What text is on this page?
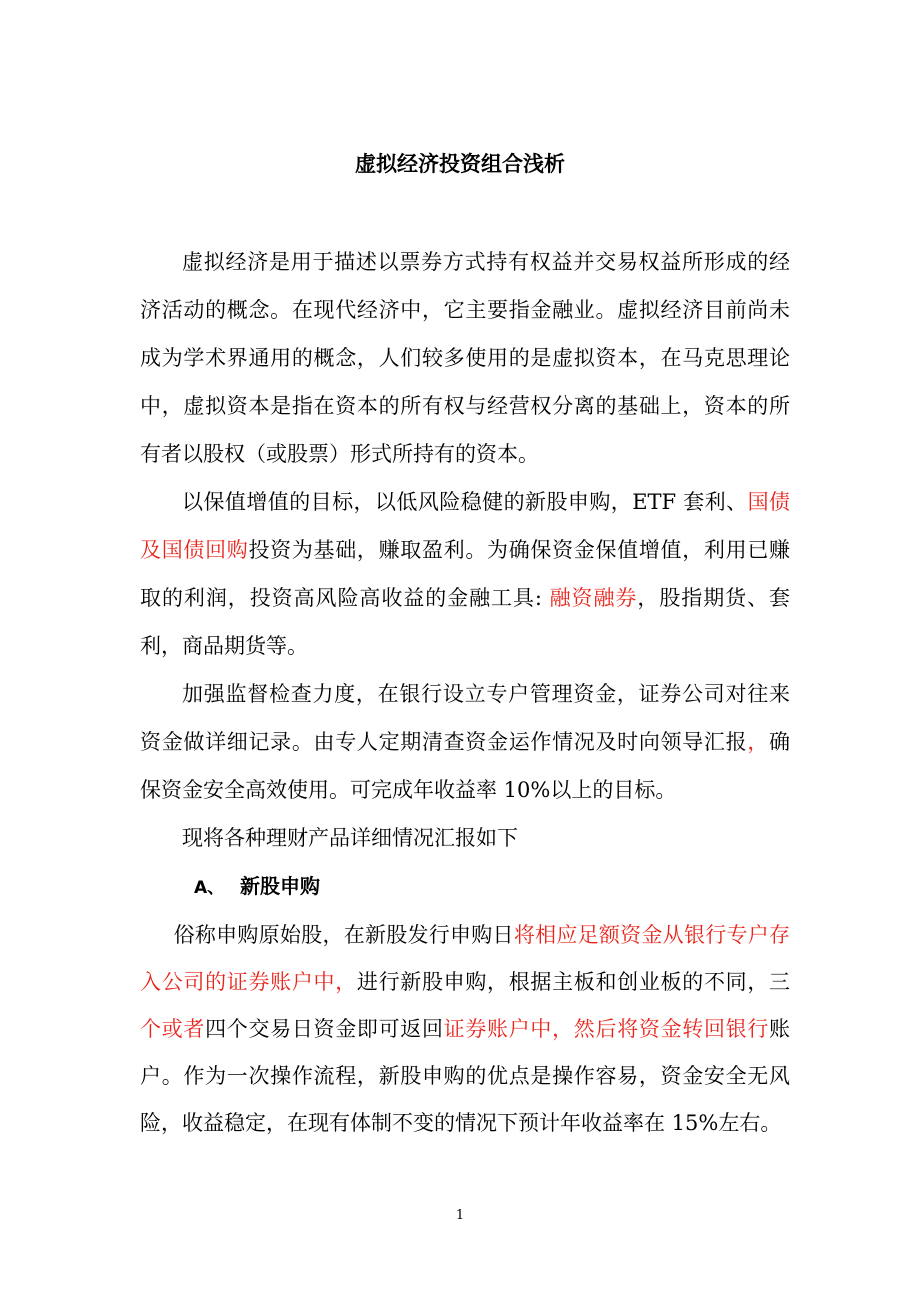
虚拟经济投资组合浅析

虚拟经济是用于描述以票券方式持有权益并交易权益所形成的经济活动的概念。在现代经济中，它主要指金融业。虚拟经济目前尚未成为学术界通用的概念，人们较多使用的是虚拟资本，在马克思理论中，虚拟资本是指在资本的所有权与经营权分离的基础上，资本的所有者以股权（或股票）形式所持有的资本。

以保值增值的目标，以低风险稳健的新股申购，ETF 套利、国债及国债回购投资为基础，赚取盈利。为确保资金保值增值，利用已赚取的利润，投资高风险高收益的金融工具: 融资融券，股指期货、套利，商品期货等。

加强监督检查力度，在银行设立专户管理资金，证券公司对往来资金做详细记录。由专人定期清查资金运作情况及时向领导汇报，确保资金安全高效使用。可完成年收益率 10%以上的目标。

现将各种理财产品详细情况汇报如下

A、 新股申购

俗称申购原始股，在新股发行申购日将相应足额资金从银行专户存入公司的证券账户中，进行新股申购，根据主板和创业板的不同，三个或者四个交易日资金即可返回证券账户中，然后将资金转回银行账户。作为一次操作流程，新股申购的优点是操作容易，资金安全无风险，收益稳定，在现有体制不变的情况下预计年收益率在 15%左右。

1
